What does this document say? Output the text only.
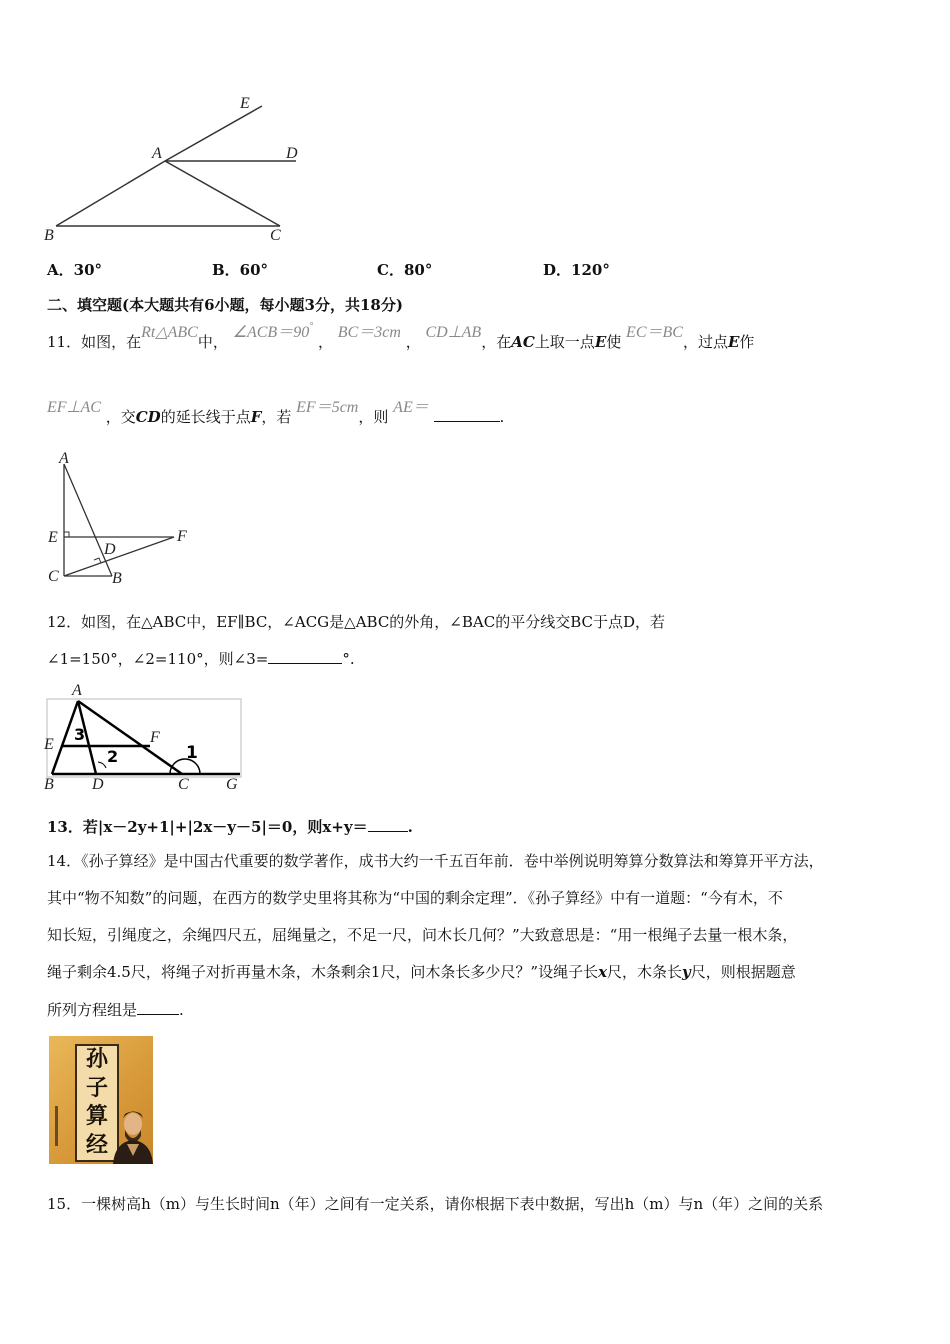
E
D
A
B	C
A．30°	B．60°	C．80°	D．120°
二、填空题(本大题共有6小题，每小题3分，共18分)
11．如图，在Rt△ABC中， ∠ACB＝90° ， BC＝3cm ， CD⊥AB，在AC上取一点E使 EC＝BC，过点E作
EF⊥AC ，交CD的延长线于点F，若 EF＝5cm，则 AE＝ .
A
E
D
F
C	B
12．如图，在△ABC中，EF∥BC，∠ACG是△ABC的外角，∠BAC的平分线交BC于点D，若
∠1=150°，∠2=110°，则∠3=	°.
A
E	F
B D	C G
1
2
3
13．若|x－2y+1|+|2x－y－5|＝0，则x+y＝	.
14．《孙子算经》是中国古代重要的数学著作，成书大约一千五百年前．卷中举例说明筹算分数算法和筹算开平方法，
其中“物不知数”的问题，在西方的数学史里将其称为“中国的剩余定理”．《孙子算经》中有一道题：“今有木，不
知长短，引绳度之，余绳四尺五，屈绳量之，不足一尺，问木长几何？”大致意思是：“用一根绳子去量一根木条，
绳子剩余4.5尺，将绳子对折再量木条，木条剩余1尺，问木条长多少尺？”设绳子长x尺，木条长y尺，则根据题意
所列方程组是	.
孙
子
算
经
15．一棵树高h（m）与生长时间n（年）之间有一定关系，请你根据下表中数据，写出h（m）与n（年）之间的关系
